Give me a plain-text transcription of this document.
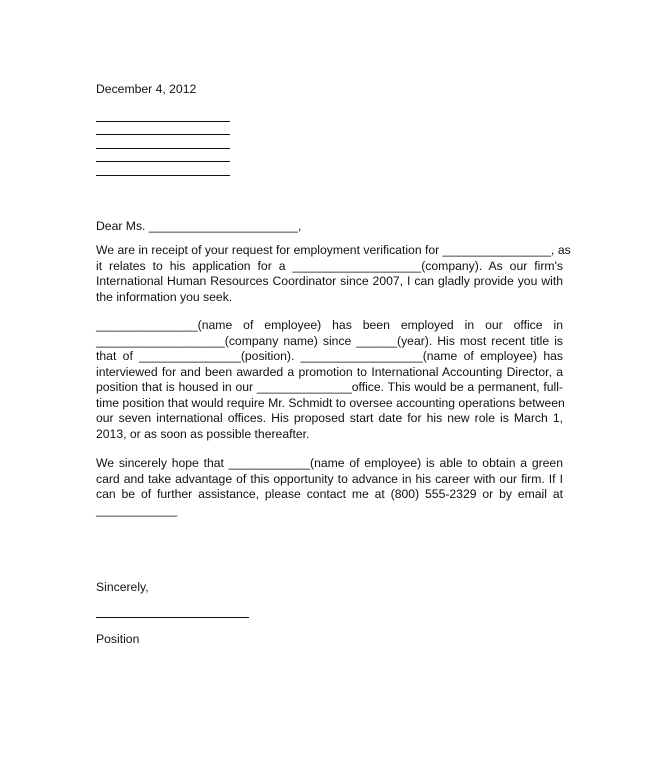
December 4, 2012
Dear Ms. ______________________,
We are in receipt of your request for employment verification for ________________, as
it relates to his application for a ___________________(company). As our firm's
International Human Resources Coordinator since 2007, I can gladly provide you with
the information you seek.
_______________(name of employee) has been employed in our office in
___________________(company name) since ______(year). His most recent title is
that of _______________(position). __________________(name of employee) has
interviewed for and been awarded a promotion to International Accounting Director, a
position that is housed in our ______________office. This would be a permanent, full-
time position that would require Mr. Schmidt to oversee accounting operations between
our seven international offices. His proposed start date for his new role is March 1,
2013, or as soon as possible thereafter.
We sincerely hope that ____________(name of employee) is able to obtain a green
card and take advantage of this opportunity to advance in his career with our firm. If I
can be of further assistance, please contact me at (800) 555-2329 or by email at
____________
Sincerely,
Position
